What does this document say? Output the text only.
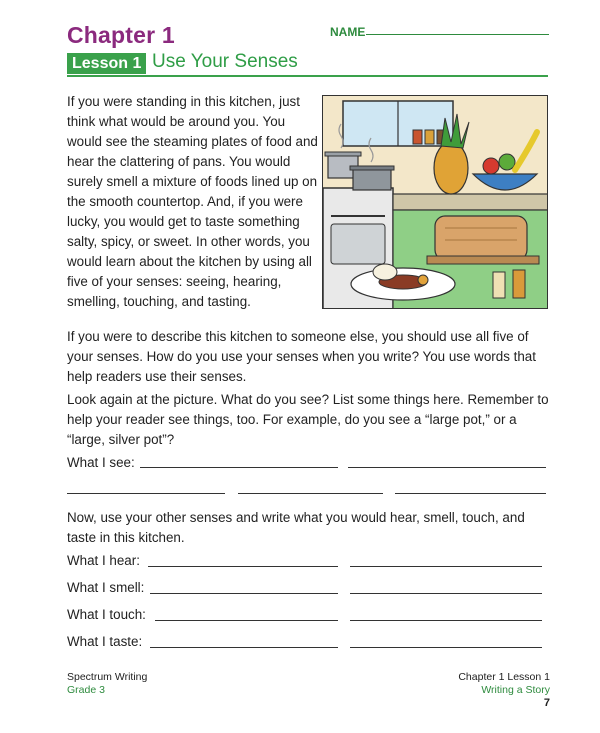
Chapter 1	NAME
Lesson 1 Use Your Senses
If you were standing in this kitchen, just think what would be around you. You would see the steaming plates of food and hear the clattering of pans. You would surely smell a mixture of foods lined up on the smooth countertop. And, if you were lucky, you would get to taste something salty, spicy, or sweet. In other words, you would learn about the kitchen by using all five of your senses: seeing, hearing, smelling, touching, and tasting.
If you were to describe this kitchen to someone else, you should use all five of your senses. How do you use your senses when you write? You use words that help readers use their senses.
Look again at the picture. What do you see? List some things here. Remember to help your reader see things, too. For example, do you see a “large pot,” or a “large, silver pot”?
What I see:
Now, use your other senses and write what you would hear, smell, touch, and taste in this kitchen.
What I hear:
What I smell:
What I touch:
What I taste:
Spectrum Writing
Grade 3
Chapter 1 Lesson 1
Writing a Story
7
